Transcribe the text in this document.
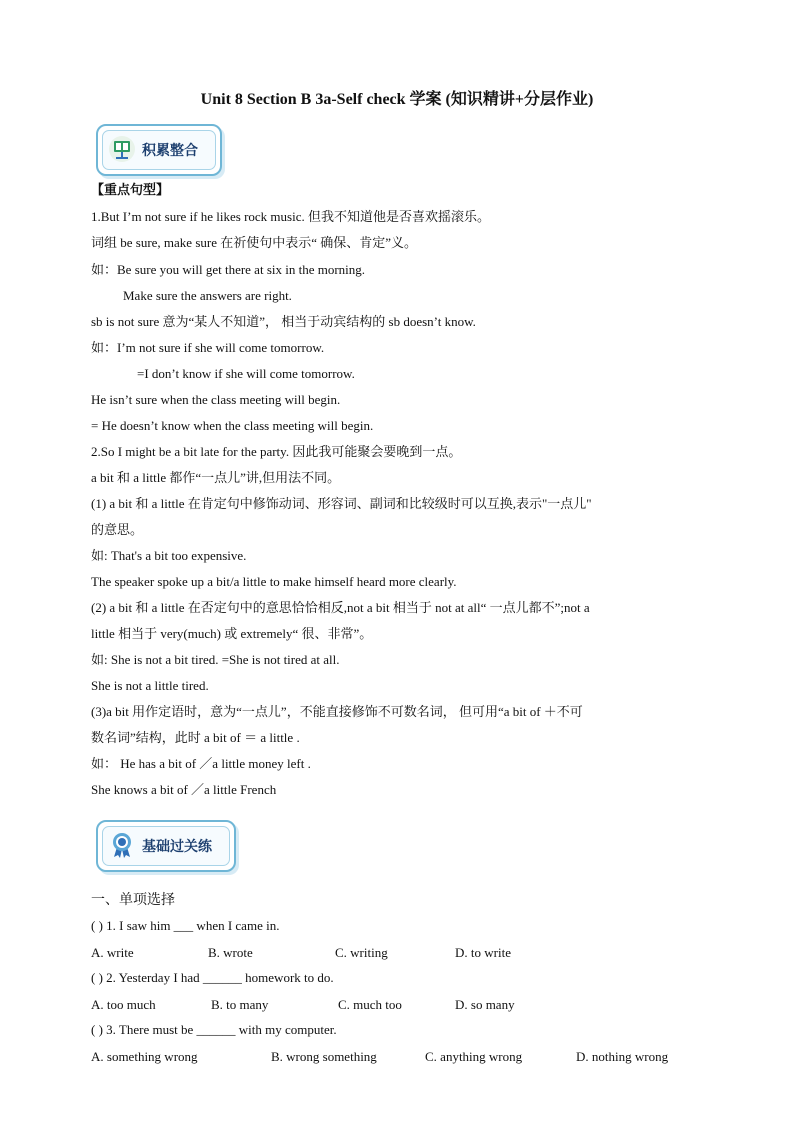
Unit 8 Section B 3a-Self check 学案 (知识精讲+分层作业)
积累整合
【重点句型】
1.But I’m not sure if he likes rock music. 但我不知道他是否喜欢摇滚乐。
词组 be sure, make sure 在祈使句中表示“ 确保、肯定”义。
如：Be sure you will get there at six in the morning.
Make sure the answers are right.
sb is not sure 意为“某人不知道”， 相当于动宾结构的 sb doesn’t know.
如：I’m not sure if she will come tomorrow.
=I don’t know if she will come tomorrow.
He isn’t sure when the class meeting will begin.
= He doesn’t know when the class meeting will begin.
2.So I might be a bit late for the party. 因此我可能聚会要晚到一点。
a bit 和 a little 都作“一点儿”讲,但用法不同。
(1) a bit 和 a little 在肯定句中修饰动词、形容词、副词和比较级时可以互换,表示"一点儿"
的意思。
如: That's a bit too expensive.
The speaker spoke up a bit/a little to make himself heard more clearly.
(2) a bit 和 a little 在否定句中的意思恰恰相反,not a bit 相当于 not at all“ 一点儿都不”;not a
little 相当于 very(much) 或 extremely“ 很、非常”。
如: She is not a bit tired. =She is not tired at all.
She is not a little tired.
(3)a bit 用作定语时，意为“一点儿”，不能直接修饰不可数名词， 但可用“a bit of ＋不可
数名词”结构，此时 a bit of ＝ a little .
如： He has a bit of ／a little money left .
She knows a bit of ／a little French
基础过关练
一、单项选择
( ) 1. I saw him ___ when I came in.
A. write	B. wrote	C. writing	D. to write
( ) 2. Yesterday I had ______ homework to do.
A. too much	B. to many	C. much too	D. so many
( ) 3. There must be ______ with my computer.
A. something wrong	B. wrong something	C. anything wrong	D. nothing wrong
